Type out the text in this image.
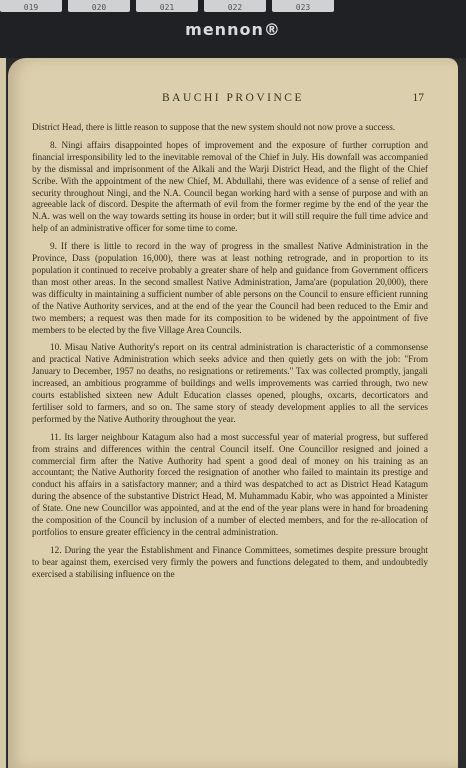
019	020	021	022	023
mennon®
BAUCHI PROVINCE	17

District Head, there is little reason to suppose that the new system should not now prove a success.

8. Ningi affairs disappointed hopes of improvement and the exposure of further corruption and financial irresponsibility led to the inevitable removal of the Chief in July. His downfall was accompanied by the dismissal and imprisonment of the Alkali and the Warji District Head, and the flight of the Chief Scribe. With the appointment of the new Chief, M. Abdullahi, there was evidence of a sense of relief and security throughout Ningi, and the N.A. Council began working hard with a sense of purpose and with an agreeable lack of discord. Despite the aftermath of evil from the former regime by the end of the year the N.A. was well on the way towards setting its house in order; but it will still require the full time advice and help of an administrative officer for some time to come.

9. If there is little to record in the way of progress in the smallest Native Administration in the Province, Dass (population 16,000), there was at least nothing retrograde, and in proportion to its population it continued to receive probably a greater share of help and guidance from Government officers than most other areas. In the second smallest Native Administration, Jama'are (population 20,000), there was difficulty in maintaining a sufficient number of able persons on the Council to ensure efficient running of the Native Authority services, and at the end of the year the Council had been reduced to the Emir and two members; a request was then made for its composition to be widened by the appointment of five members to be elected by the five Village Area Councils.

10. Misau Native Authority's report on its central administration is characteristic of a commonsense and practical Native Administration which seeks advice and then quietly gets on with the job: "From January to December, 1957 no deaths, no resignations or retirements." Tax was collected promptly, jangali increased, an ambitious programme of buildings and wells improvements was carried through, two new courts established sixteen new Adult Education classes opened, ploughs, oxcarts, decorticators and fertiliser sold to farmers, and so on. The same story of steady development applies to all the services performed by the Native Authority throughout the year.

11. Its larger neighbour Katagum also had a most successful year of material progress, but suffered from strains and differences within the central Council itself. One Councillor resigned and joined a commercial firm after the Native Authority had spent a good deal of money on his training as an accountant; the Native Authority forced the resignation of another who failed to maintain its prestige and conduct his affairs in a satisfactory manner; and a third was despatched to act as District Head Katagum during the absence of the substantive District Head, M. Muhammadu Kabir, who was appointed a Minister of State. One new Councillor was appointed, and at the end of the year plans were in hand for broadening the composition of the Council by inclusion of a number of elected members, and for the re-allocation of portfolios to ensure greater efficiency in the central administration.

12. During the year the Establishment and Finance Committees, sometimes despite pressure brought to bear against them, exercised very firmly the powers and functions delegated to them, and undoubtedly exercised a stabilising influence on the
